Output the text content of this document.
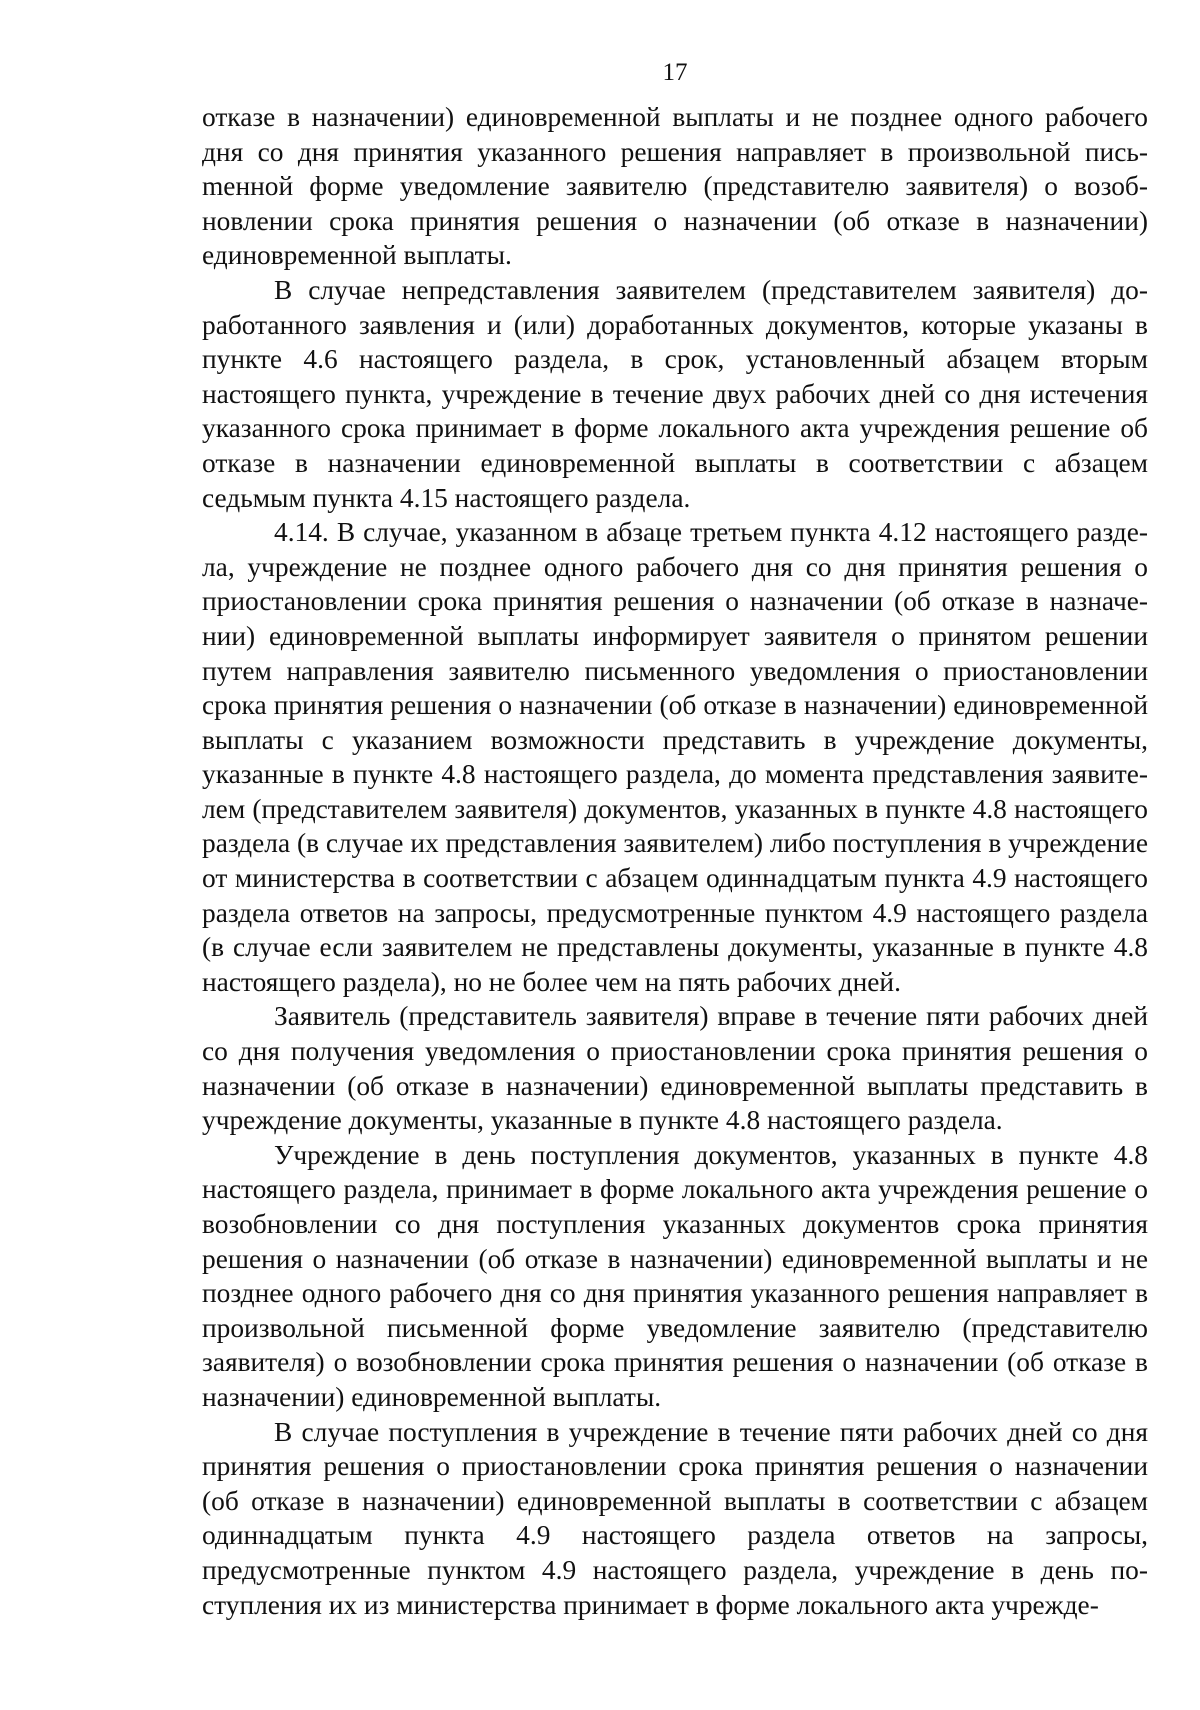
17

отказе в назначении) единовременной выплаты и не позднее одного рабочего дня со дня принятия указанного решения направляет в произвольной письmенной форме уведомление заявителю (представителю заявителя) о возобновлении срока принятия решения о назначении (об отказе в назначении) единовременной выплаты.

В случае непредставления заявителем (представителем заявителя) доработанного заявления и (или) доработанных документов, которые указаны в пункте 4.6 настоящего раздела, в срок, установленный абзацем вторым настоящего пункта, учреждение в течение двух рабочих дней со дня истечения указанного срока принимает в форме локального акта учреждения решение об отказе в назначении единовременной выплаты в соответствии с абзацем седьмым пункта 4.15 настоящего раздела.

4.14. В случае, указанном в абзаце третьем пункта 4.12 настоящего раздела, учреждение не позднее одного рабочего дня со дня принятия решения о приостановлении срока принятия решения о назначении (об отказе в назначении) единовременной выплаты информирует заявителя о принятом решении путем направления заявителю письменного уведомления о приостановлении срока принятия решения о назначении (об отказе в назначении) единовременной выплаты с указанием возможности представить в учреждение документы, указанные в пункте 4.8 настоящего раздела, до момента представления заявителем (представителем заявителя) документов, указанных в пункте 4.8 настоящего раздела (в случае их представления заявителем) либо поступления в учреждение от министерства в соответствии с абзацем одиннадцатым пункта 4.9 настоящего раздела ответов на запросы, предусмотренные пунктом 4.9 настоящего раздела (в случае если заявителем не представлены документы, указанные в пункте 4.8 настоящего раздела), но не более чем на пять рабочих дней.

Заявитель (представитель заявителя) вправе в течение пяти рабочих дней со дня получения уведомления о приостановлении срока принятия решения о назначении (об отказе в назначении) единовременной выплаты представить в учреждение документы, указанные в пункте 4.8 настоящего раздела.

Учреждение в день поступления документов, указанных в пункте 4.8 настоящего раздела, принимает в форме локального акта учреждения решение о возобновлении со дня поступления указанных документов срока принятия решения о назначении (об отказе в назначении) единовременной выплаты и не позднее одного рабочего дня со дня принятия указанного решения направляет в произвольной письменной форме уведомление заявителю (представителю заявителя) о возобновлении срока принятия решения о назначении (об отказе в назначении) единовременной выплаты.

В случае поступления в учреждение в течение пяти рабочих дней со дня принятия решения о приостановлении срока принятия решения о назначении (об отказе в назначении) единовременной выплаты в соответствии с абзацем одиннадцатым пункта 4.9 настоящего раздела ответов на запросы, предусмотренные пунктом 4.9 настоящего раздела, учреждение в день поступления их из министерства принимает в форме локального акта учрежде-
